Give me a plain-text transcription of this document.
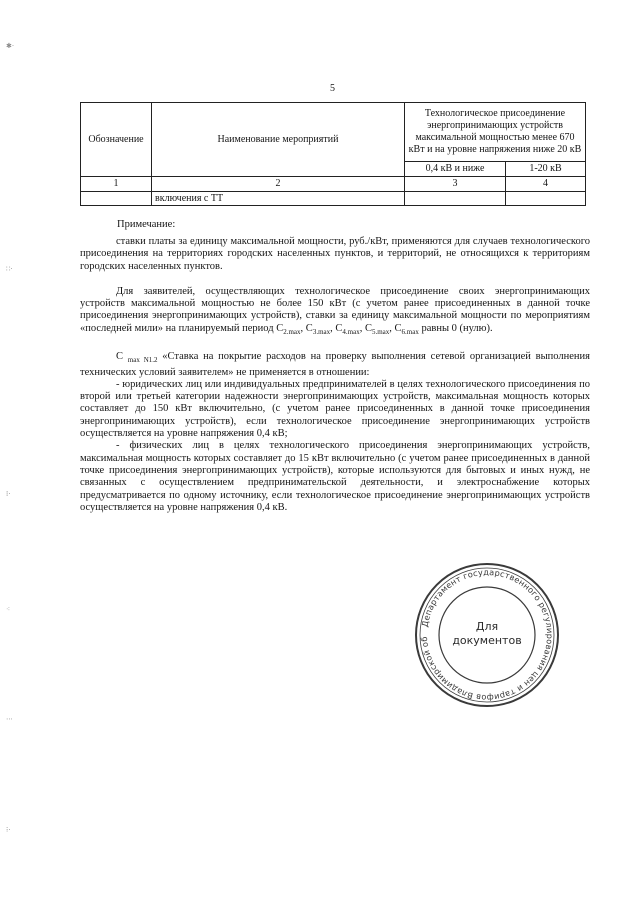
5
Обозначение	Наименование мероприятий	Технологическое присоединение энергопринимающих устройств максимальной мощностью менее 670 кВт и на уровне напряжения ниже 20 кВ	
		0,4 кВ и ниже	1-20 кВ
1	2	3	4
	включения с ТТ		
Примечание:

ставки платы за единицу максимальной мощности, руб./кВт, применяются для случаев технологического присоединения на территориях городских населенных пунктов, и территорий, не относящихся к территориям городских населенных пунктов.

Для заявителей, осуществляющих технологическое присоединение своих энергопринимающих устройств максимальной мощностью не более 150 кВт (с учетом ранее присоединенных в данной точке присоединения энергопринимающих устройств), ставки за единицу максимальной мощности по мероприятиям «последней мили» на планируемый период $C_{2.max}$, $C_{3.max}$, $C_{4.max}$, $C_{5.max}$, $C_{6.max}$ равны 0 (нулю).

C $_{max N1.2}$ «Ставка на покрытие расходов на проверку выполнения сетевой организацией выполнения технических условий заявителем» не применяется в отношении:

- юридических лиц или индивидуальных предпринимателей в целях технологического присоединения по второй или третьей категории надежности энергопринимающих устройств, максимальная мощность которых составляет до 150 кВт включительно, (с учетом ранее присоединенных в данной точке присоединения энергопринимающих устройств), если технологическое присоединение энергопринимающих устройств осуществляется на уровне напряжения 0,4 кВ;

- физических лиц в целях технологического присоединения энергопринимающих устройств, максимальная мощность которых составляет до 15 кВт включительно (с учетом ранее присоединенных в данной точке присоединения энергопринимающих устройств), которые используются для бытовых и иных нужд, не связанных с осуществлением предпринимательской деятельности, и электроснабжение которых предусматривается по одному источнику, если технологическое присоединение энергопринимающих устройств осуществляется на уровне напряжения 0,4 кВ.

Департамент государственного регулирования цен и тарифов Владимирской об
Для
документов
✱·
∷·
⁞·
⁖
⋯
⁝·
